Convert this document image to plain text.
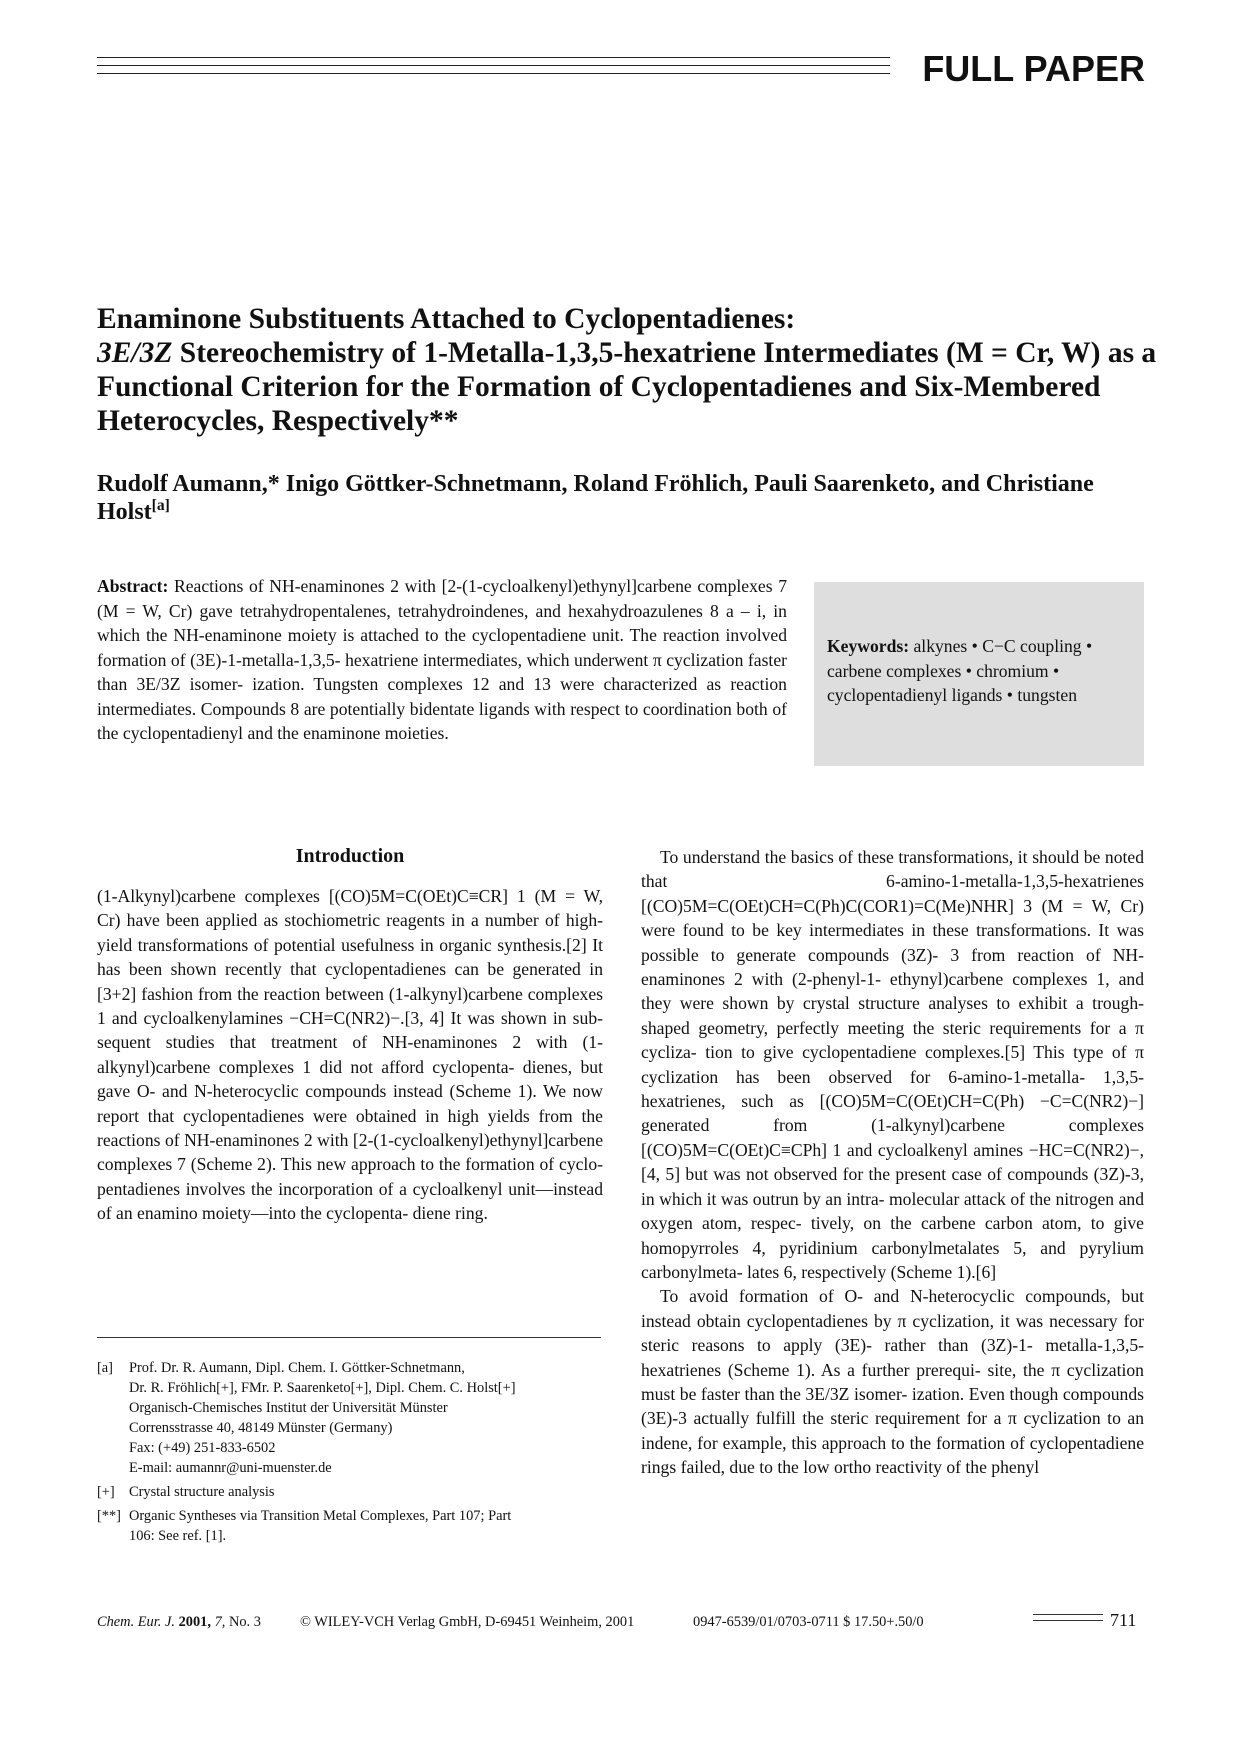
FULL PAPER
Enaminone Substituents Attached to Cyclopentadienes:
3E/3Z Stereochemistry of 1-Metalla-1,3,5-hexatriene Intermediates (M = Cr, W) as a Functional Criterion for the Formation of Cyclopentadienes and Six-Membered Heterocycles, Respectively**
Rudolf Aumann,* Inigo Göttker-Schnetmann, Roland Fröhlich, Pauli Saarenketo, and Christiane Holst[a]
Abstract: Reactions of NH-enaminones 2 with [2-(1-cycloalkenyl)ethynyl]carbene complexes 7 (M = W, Cr) gave tetrahydropentalenes, tetrahydroindenes, and hexahydroazulenes 8 a – i, in which the NH-enaminone moiety is attached to the cyclopentadiene unit. The reaction involved formation of (3E)-1-metalla-1,3,5- hexatriene intermediates, which underwent π cyclization faster than 3E/3Z isomer- ization. Tungsten complexes 12 and 13 were characterized as reaction intermediates. Compounds 8 are potentially bidentate ligands with respect to coordination both of the cyclopentadienyl and the enaminone moieties.
Keywords: alkynes • C−C coupling • carbene complexes • chromium • cyclopentadienyl ligands • tungsten
Introduction

(1-Alkynyl)carbene complexes [(CO)5M=C(OEt)C≡CR] 1 (M = W, Cr) have been applied as stochiometric reagents in a number of high-yield transformations of potential usefulness in organic synthesis.[2] It has been shown recently that cyclopentadienes can be generated in [3+2] fashion from the reaction between (1-alkynyl)carbene complexes 1 and cycloalkenylamines −CH=C(NR2)−.[3, 4] It was shown in sub- sequent studies that treatment of NH-enaminones 2 with (1-alkynyl)carbene complexes 1 did not afford cyclopenta- dienes, but gave O- and N-heterocyclic compounds instead (Scheme 1). We now report that cyclopentadienes were obtained in high yields from the reactions of NH-enaminones 2 with [2-(1-cycloalkenyl)ethynyl]carbene complexes 7 (Scheme 2). This new approach to the formation of cyclo- pentadienes involves the incorporation of a cycloalkenyl unit—instead of an enamino moiety—into the cyclopenta- diene ring.

To understand the basics of these transformations, it should be noted that 6-amino-1-metalla-1,3,5-hexatrienes [(CO)5M=C(OEt)CH=C(Ph)C(COR1)=C(Me)NHR] 3 (M = W, Cr) were found to be key intermediates in these transformations. It was possible to generate compounds (3Z)- 3 from reaction of NH-enaminones 2 with (2-phenyl-1- ethynyl)carbene complexes 1, and they were shown by crystal structure analyses to exhibit a trough-shaped geometry, perfectly meeting the steric requirements for a π cycliza- tion to give cyclopentadiene complexes.[5] This type of π cyclization has been observed for 6-amino-1-metalla- 1,3,5-hexatrienes, such as [(CO)5M=C(OEt)CH=C(Ph) −C=C(NR2)−] generated from (1-alkynyl)carbene complexes [(CO)5M=C(OEt)C≡CPh] 1 and cycloalkenyl amines −HC=C(NR2)−,[4, 5] but was not observed for the present case of compounds (3Z)-3, in which it was outrun by an intra- molecular attack of the nitrogen and oxygen atom, respec- tively, on the carbene carbon atom, to give homopyrroles 4, pyridinium carbonylmetalates 5, and pyrylium carbonylmeta- lates 6, respectively (Scheme 1).[6]

To avoid formation of O- and N-heterocyclic compounds, but instead obtain cyclopentadienes by π cyclization, it was necessary for steric reasons to apply (3E)- rather than (3Z)-1- metalla-1,3,5-hexatrienes (Scheme 1). As a further prerequi- site, the π cyclization must be faster than the 3E/3Z isomer- ization. Even though compounds (3E)-3 actually fulfill the steric requirement for a π cyclization to an indene, for example, this approach to the formation of cyclopentadiene rings failed, due to the low ortho reactivity of the phenyl

[a]	Prof. Dr. R. Aumann, Dipl. Chem. I. Göttker-Schnetmann,
Dr. R. Fröhlich[+], FMr. P. Saarenketo[+], Dipl. Chem. C. Holst[+]
Organisch-Chemisches Institut der Universität Münster
Corrensstrasse 40, 48149 Münster (Germany)
Fax: (+49) 251-833-6502
E-mail: aumannr@uni-muenster.de
[+] Crystal structure analysis
[**] Organic Syntheses via Transition Metal Complexes, Part 107; Part
106: See ref. [1].
Chem. Eur. J. 2001, 7, No. 3	© WILEY-VCH Verlag GmbH, D-69451 Weinheim, 2001	0947-6539/01/0703-0711 $ 17.50+.50/0	711
